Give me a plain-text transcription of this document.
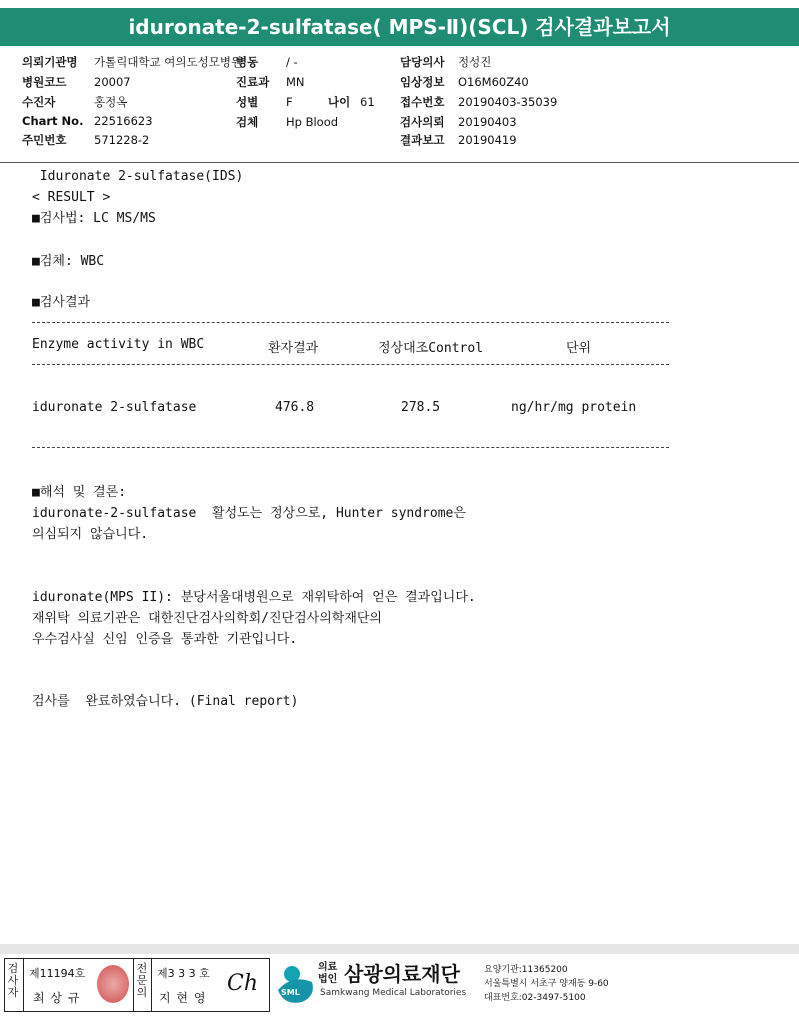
iduronate-2-sulfatase( MPS-Ⅱ)(SCL) 검사결과보고서
의뢰기관명 가톨릭대학교 여의도성모병원
병원코드 20007
수진자	홍정옥
Chart No. 22516623
주민번호 571228-2
병동 / -
진료과 MN
성별 F	나이 61
검체 Hp Blood
담당의사 정성진
임상정보 O16M60Z40
접수번호 20190403-35039
검사의뢰 20190403
결과보고 20190419
Iduronate 2-sulfatase(IDS)
< RESULT >
■검사법: LC MS/MS
■검체: WBC
■검사결과
Enzyme activity in WBC	환자결과	정상대조Control	단위
iduronate 2-sulfatase	476.8	278.5	ng/hr/mg protein
■해석 및 결론:
iduronate-2-sulfatase  활성도는 정상으로, Hunter syndrome은
의심되지 않습니다.
iduronate(MPS II): 분당서울대병원으로 재위탁하여 얻은 결과입니다.
재위탁 의료기관은 대한진단검사의학회/진단검사의학재단의
우수검사실 신임 인증을 통과한 기관입니다.
검사를  완료하였습니다. (Final report)
검사자
제11194호
최 상 규
전문의
제3 3 3 호
지 현 영
Ch	SML
의료법인 삼광의료재단
Samkwang Medical Laboratories
요양기관:11365200
서울특별시 서초구 양재동 9-60
대표번호:02-3497-5100
